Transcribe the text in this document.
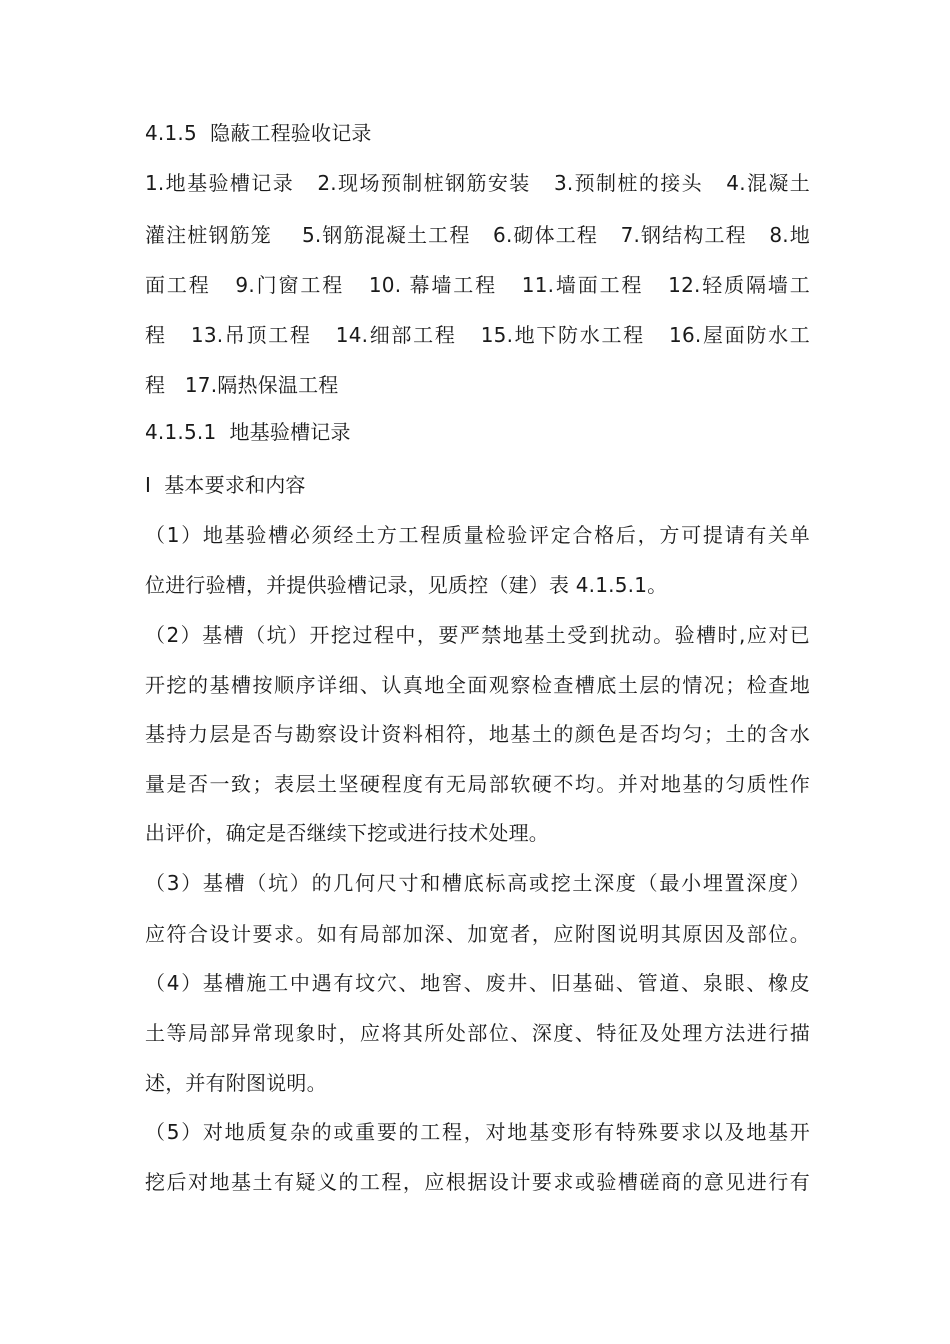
4.1.5  隐蔽工程验收记录
1.地基验槽记录   2.现场预制桩钢筋安装   3.预制桩的接头   4.混凝土
灌注桩钢筋笼    5.钢筋混凝土工程   6.砌体工程   7.钢结构工程   8.地
面工程   9.门窗工程   10. 幕墙工程   11.墙面工程   12.轻质隔墙工
程   13.吊顶工程   14.细部工程   15.地下防水工程   16.屋面防水工
程   17.隔热保温工程
4.1.5.1  地基验槽记录
Ⅰ  基本要求和内容
（1）地基验槽必须经土方工程质量检验评定合格后，方可提请有关单
位进行验槽，并提供验槽记录，见质控（建）表 4.1.5.1。
（2）基槽（坑）开挖过程中，要严禁地基土受到扰动。验槽时,应对已
开挖的基槽按顺序详细、认真地全面观察检查槽底土层的情况；检查地
基持力层是否与勘察设计资料相符，地基土的颜色是否均匀；土的含水
量是否一致；表层土坚硬程度有无局部软硬不均。并对地基的匀质性作
出评价，确定是否继续下挖或进行技术处理。
（3）基槽（坑）的几何尺寸和槽底标高或挖土深度（最小埋置深度）
应符合设计要求。如有局部加深、加宽者，应附图说明其原因及部位。
（4）基槽施工中遇有坟穴、地窖、废井、旧基础、管道、泉眼、橡皮
土等局部异常现象时，应将其所处部位、深度、特征及处理方法进行描
述，并有附图说明。
（5）对地质复杂的或重要的工程，对地基变形有特殊要求以及地基开
挖后对地基土有疑义的工程，应根据设计要求或验槽磋商的意见进行有
